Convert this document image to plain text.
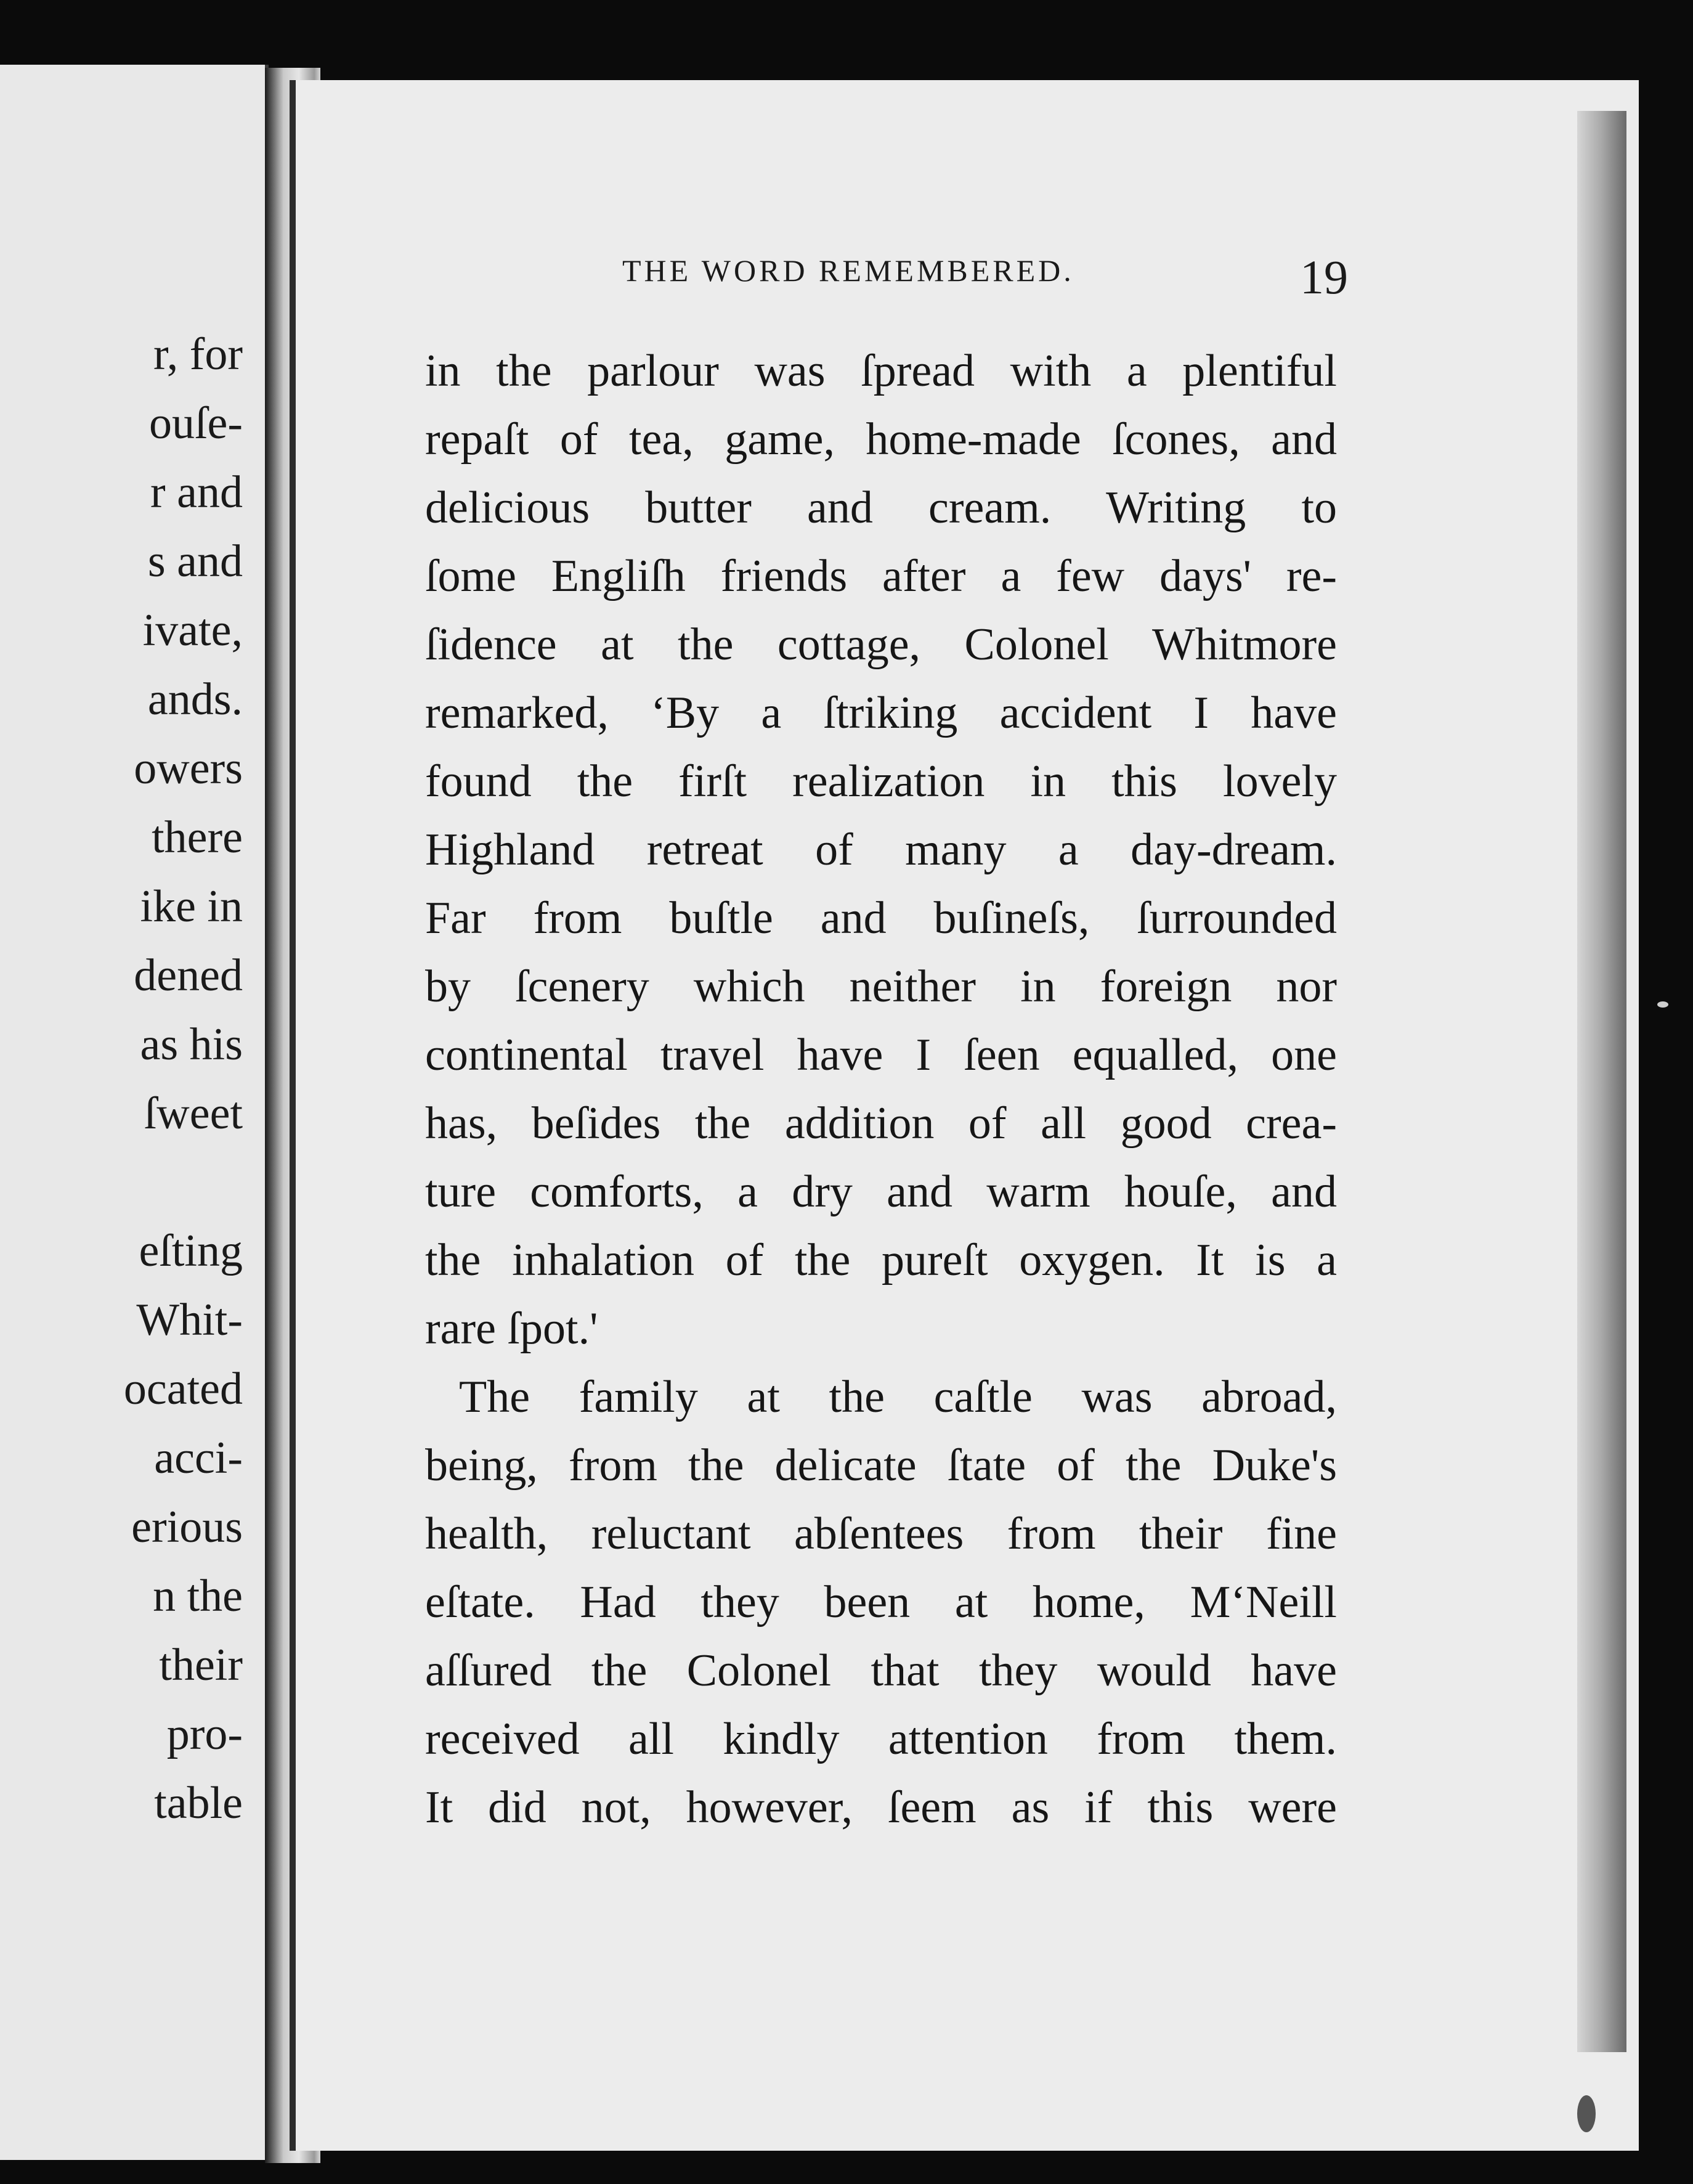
r, for
ouſe-
r and
s and
ivate,
ands.
owers
there
ike in
dened
as his
ſweet
eſting
Whit-
ocated
acci-
erious
n the
their
pro-
table
THE WORD REMEMBERED.	19
in the parlour was ſpread with a plentiful
repaſt of tea, game, home-made ſcones, and
delicious butter and cream. Writing to
ſome Engliſh friends after a few days' re-
ſidence at the cottage, Colonel Whitmore
remarked, ‘By a ſtriking accident I have
found the firſt realization in this lovely
Highland retreat of many a day-dream.
Far from buſtle and buſineſs, ſurrounded
by ſcenery which neither in foreign nor
continental travel have I ſeen equalled, one
has, beſides the addition of all good crea-
ture comforts, a dry and warm houſe, and
the inhalation of the pureſt oxygen. It is a
rare ſpot.'
The family at the caſtle was abroad,
being, from the delicate ſtate of the Duke's
health, reluctant abſentees from their fine
eſtate. Had they been at home, M‘Neill
aſſured the Colonel that they would have
received all kindly attention from them.
It did not, however, ſeem as if this were
